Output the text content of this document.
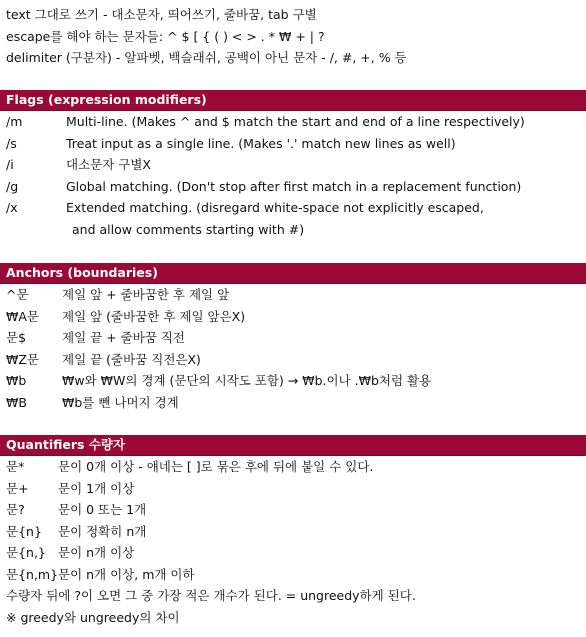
text 그대로 쓰기 - 대소문자, 띄어쓰기, 줄바꿈, tab 구별
escape를 해야 하는 문자들: ^ $ [ { ( ) < > . * ₩ + | ?
delimiter (구분자) - 알파벳, 백슬래쉬, 공백이 아닌 문자 - /, #, +, % 등
Flags (expression modifiers)
/m	Multi-line. (Makes ^ and $ match the start and end of a line respectively)
/s	Treat input as a single line. (Makes '.' match new lines as well)
/i	대소문자 구별X
/g	Global matching. (Don't stop after first match in a replacement function)
/x	Extended matching. (disregard white-space not explicitly escaped,
and allow comments starting with #)
Anchors (boundaries)
^문	제일 앞 + 줄바꿈한 후 제일 앞
₩A문	제일 앞 (줄바꿈한 후 제일 앞은X)
문$	제일 끝 + 줄바꿈 직전
₩Z문	제일 끝 (줄바꿈 직전은X)
₩b	₩w와 ₩W의 경계 (문단의 시작도 포함) → ₩b.이나 .₩b처럼 활용
₩B	₩b를 뺀 나머지 경계
Quantifiers 수량자
문*	문이 0개 이상 - 얘네는 [ ]로 묶은 후에 뒤에 붙일 수 있다.
문+	문이 1개 이상
문?	문이 0 또는 1개
문{n}	문이 정확히 n개
문{n,} 문이 n개 이상
문{n,m} 문이 n개 이상, m개 이하
수량자 뒤에 ?이 오면 그 중 가장 적은 개수가 된다. = ungreedy하게 된다.
※ greedy와 ungreedy의 차이
